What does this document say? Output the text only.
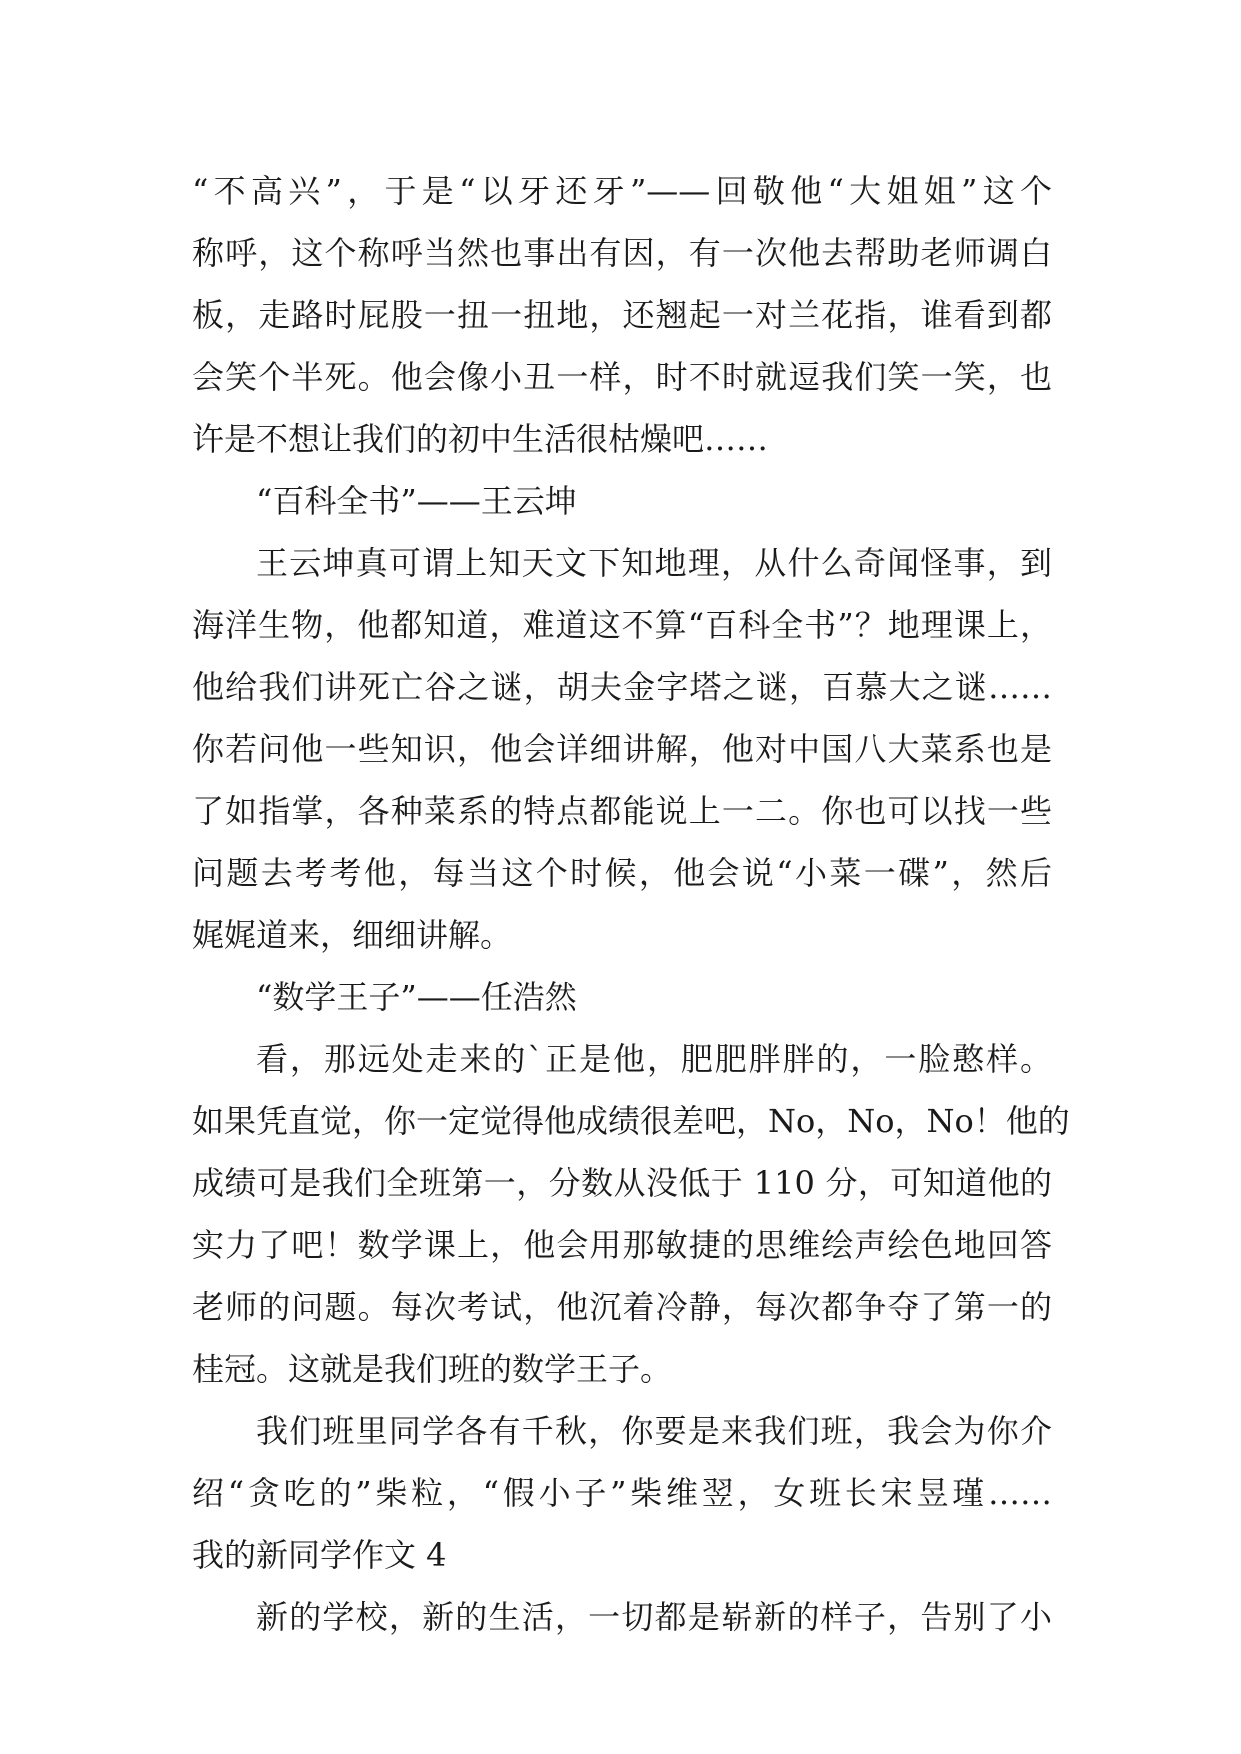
“不高兴”，于是“以牙还牙”——回敬他“大姐姐”这个
称呼，这个称呼当然也事出有因，有一次他去帮助老师调白
板，走路时屁股一扭一扭地，还翘起一对兰花指，谁看到都
会笑个半死。他会像小丑一样，时不时就逗我们笑一笑，也
许是不想让我们的初中生活很枯燥吧……
“百科全书”——王云坤
王云坤真可谓上知天文下知地理，从什么奇闻怪事，到
海洋生物，他都知道，难道这不算“百科全书”？地理课上，
他给我们讲死亡谷之谜，胡夫金字塔之谜，百慕大之谜……
你若问他一些知识，他会详细讲解，他对中国八大菜系也是
了如指掌，各种菜系的特点都能说上一二。你也可以找一些
问题去考考他，每当这个时候，他会说“小菜一碟”，然后
娓娓道来，细细讲解。
“数学王子”——任浩然
看，那远处走来的`正是他，肥肥胖胖的，一脸憨样。
如果凭直觉，你一定觉得他成绩很差吧，No，No，No！他的
成绩可是我们全班第一，分数从没低于 110 分，可知道他的
实力了吧！数学课上，他会用那敏捷的思维绘声绘色地回答
老师的问题。每次考试，他沉着冷静，每次都争夺了第一的
桂冠。这就是我们班的数学王子。
我们班里同学各有千秋，你要是来我们班，我会为你介
绍“贪吃的”柴粒，“假小子”柴维翌，女班长宋昱瑾……
我的新同学作文 4
新的学校，新的生活，一切都是崭新的样子，告别了小
